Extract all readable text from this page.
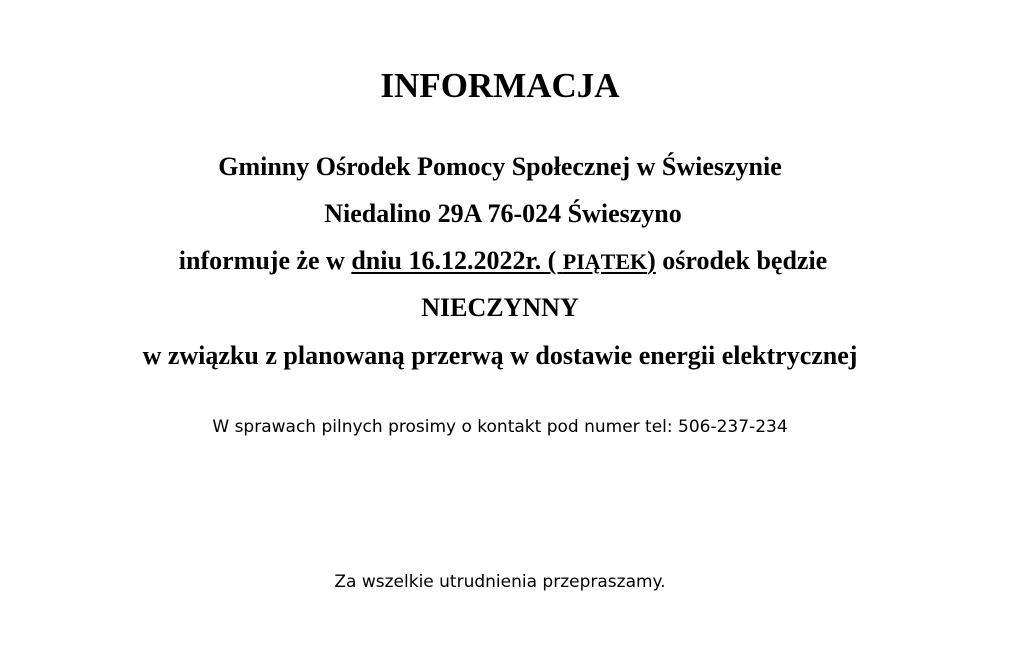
INFORMACJA
Gminny Ośrodek Pomocy Społecznej w Świeszynie
Niedalino 29A 76-024 Świeszyno
informuje że w dniu 16.12.2022r. ( PIĄTEK) ośrodek będzie
NIECZYNNY
w związku z planowaną przerwą w dostawie energii elektrycznej
W sprawach pilnych prosimy o kontakt pod numer tel: 506-237-234
Za wszelkie utrudnienia przepraszamy.
